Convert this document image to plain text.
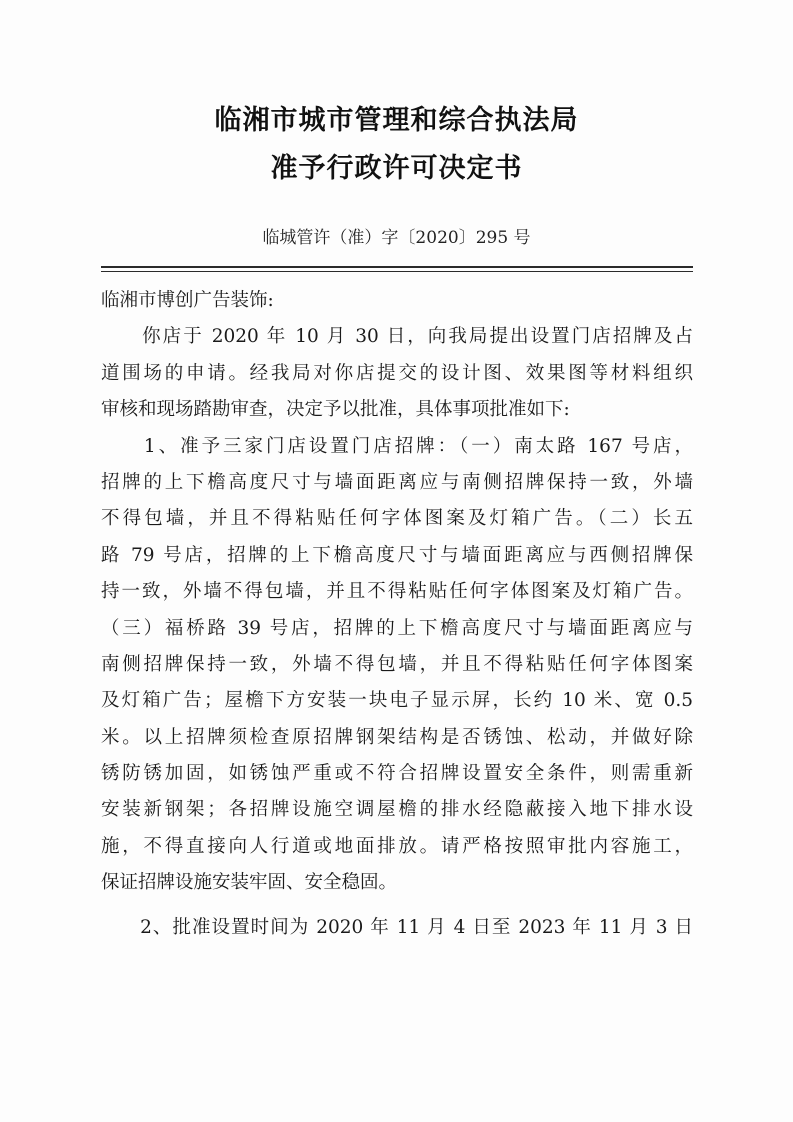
临湘市城市管理和综合执法局
准予行政许可决定书
临城管许（准）字〔2020〕295 号
临湘市博创广告装饰:
　　你店于 2020 年 10 月 30 日，向我局提出设置门店招牌及占
道围场的申请。经我局对你店提交的设计图、效果图等材料组织
审核和现场踏勘审查，决定予以批准，具体事项批准如下:
　　1、准予三家门店设置门店招牌：（一）南太路 167 号店，
招牌的上下檐高度尺寸与墙面距离应与南侧招牌保持一致，外墙
不得包墙，并且不得粘贴任何字体图案及灯箱广告。（二）长五
路 79 号店，招牌的上下檐高度尺寸与墙面距离应与西侧招牌保
持一致，外墙不得包墙，并且不得粘贴任何字体图案及灯箱广告。
（三）福桥路 39 号店，招牌的上下檐高度尺寸与墙面距离应与
南侧招牌保持一致，外墙不得包墙，并且不得粘贴任何字体图案
及灯箱广告；屋檐下方安装一块电子显示屏，长约 10 米、宽 0.5
米。以上招牌须检查原招牌钢架结构是否锈蚀、松动，并做好除
锈防锈加固，如锈蚀严重或不符合招牌设置安全条件，则需重新
安装新钢架；各招牌设施空调屋檐的排水经隐蔽接入地下排水设
施，不得直接向人行道或地面排放。请严格按照审批内容施工，
保证招牌设施安装牢固、安全稳固。
　　2、批准设置时间为 2020 年 11 月 4 日至 2023 年 11 月 3 日
